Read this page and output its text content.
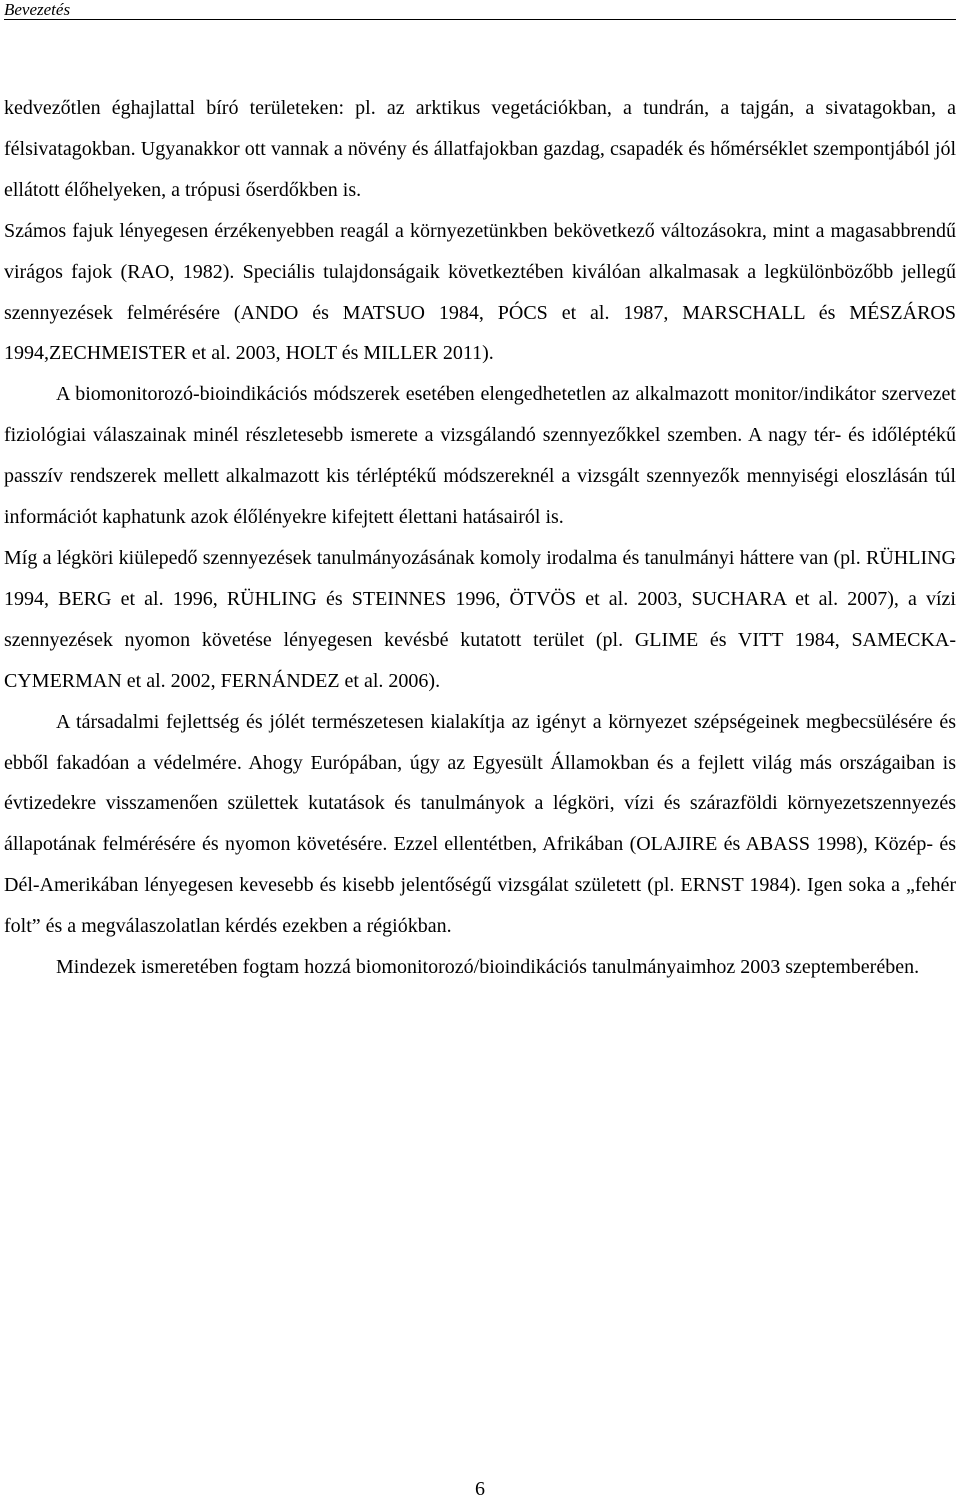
Bevezetés

kedvezőtlen éghajlattal bíró területeken: pl. az arktikus vegetációkban, a tundrán, a tajgán, a sivatagokban, a félsivatagokban. Ugyanakkor ott vannak a növény és állatfajokban gazdag, csapadék és hőmérséklet szempontjából jól ellátott élőhelyeken, a trópusi őserdőkben is.

Számos fajuk lényegesen érzékenyebben reagál a környezetünkben bekövetkező változásokra, mint a magasabbrendű virágos fajok (RAO, 1982). Speciális tulajdonságaik következtében kiválóan alkalmasak a legkülönbözőbb jellegű szennyezések felmérésére (ANDO és MATSUO 1984, PÓCS et al. 1987, MARSCHALL és MÉSZÁROS 1994,ZECHMEISTER et al. 2003, HOLT és MILLER 2011).

A biomonitorozó-bioindikációs módszerek esetében elengedhetetlen az alkalmazott monitor/indikátor szervezet fiziológiai válaszainak minél részletesebb ismerete a vizsgálandó szennyezőkkel szemben. A nagy tér- és időléptékű passzív rendszerek mellett alkalmazott kis térléptékű módszereknél a vizsgált szennyezők mennyiségi eloszlásán túl információt kaphatunk azok élőlényekre kifejtett élettani hatásairól is.

Míg a légköri kiülepedő szennyezések tanulmányozásának komoly irodalma és tanulmányi háttere van (pl. RÜHLING 1994, BERG et al. 1996, RÜHLING és STEINNES 1996, ÖTVÖS et al. 2003, SUCHARA et al. 2007), a vízi szennyezések nyomon követése lényegesen kevésbé kutatott terület (pl. GLIME és VITT 1984, SAMECKA-CYMERMAN et al. 2002, FERNÁNDEZ et al. 2006).

A társadalmi fejlettség és jólét természetesen kialakítja az igényt a környezet szépségeinek megbecsülésére és ebből fakadóan a védelmére. Ahogy Európában, úgy az Egyesült Államokban és a fejlett világ más országaiban is évtizedekre visszamenően születtek kutatások és tanulmányok a légköri, vízi és szárazföldi környezetszennyezés állapotának felmérésére és nyomon követésére. Ezzel ellentétben, Afrikában (OLAJIRE és ABASS 1998), Közép- és Dél-Amerikában lényegesen kevesebb és kisebb jelentőségű vizsgálat született (pl. ERNST 1984). Igen soka a „fehér folt” és a megválaszolatlan kérdés ezekben a régiókban.

Mindezek ismeretében fogtam hozzá biomonitorozó/bioindikációs tanulmányaimhoz 2003 szeptemberében.

6
